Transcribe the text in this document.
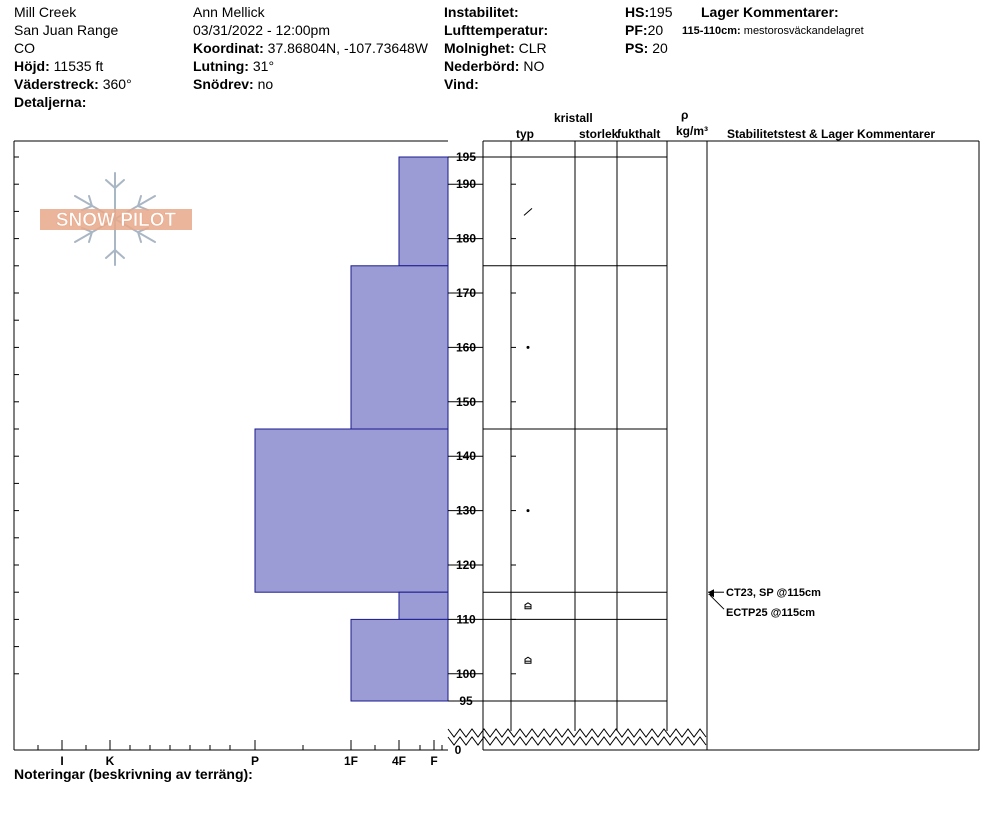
Mill Creek
San Juan Range
CO
Höjd: 11535 ft
Väderstreck: 360°
Detaljerna:
Ann Mellick
03/31/2022 - 12:00pm
Koordinat: 37.86804N, -107.73648W
Lutning: 31°
Snödrev: no
Instabilitet:
Lufttemperatur:
Molnighet: CLR
Nederbörd: NO
Vind:
HS:195
PF:20
PS: 20
Lager Kommentarer:
115-110cm: mestorosväckandelagret
kristall
typ	storlek
fukthalt
ρ
kg/m³ Stabilitetstest & Lager Kommentarer
SNOW PILOT
I	K	P	1F	4F F
95
100
110
120
130
140
150
160
170
180
190
195
0
CT23, SP @115cm
ECTP25 @115cm
Noteringar (beskrivning av terräng):
